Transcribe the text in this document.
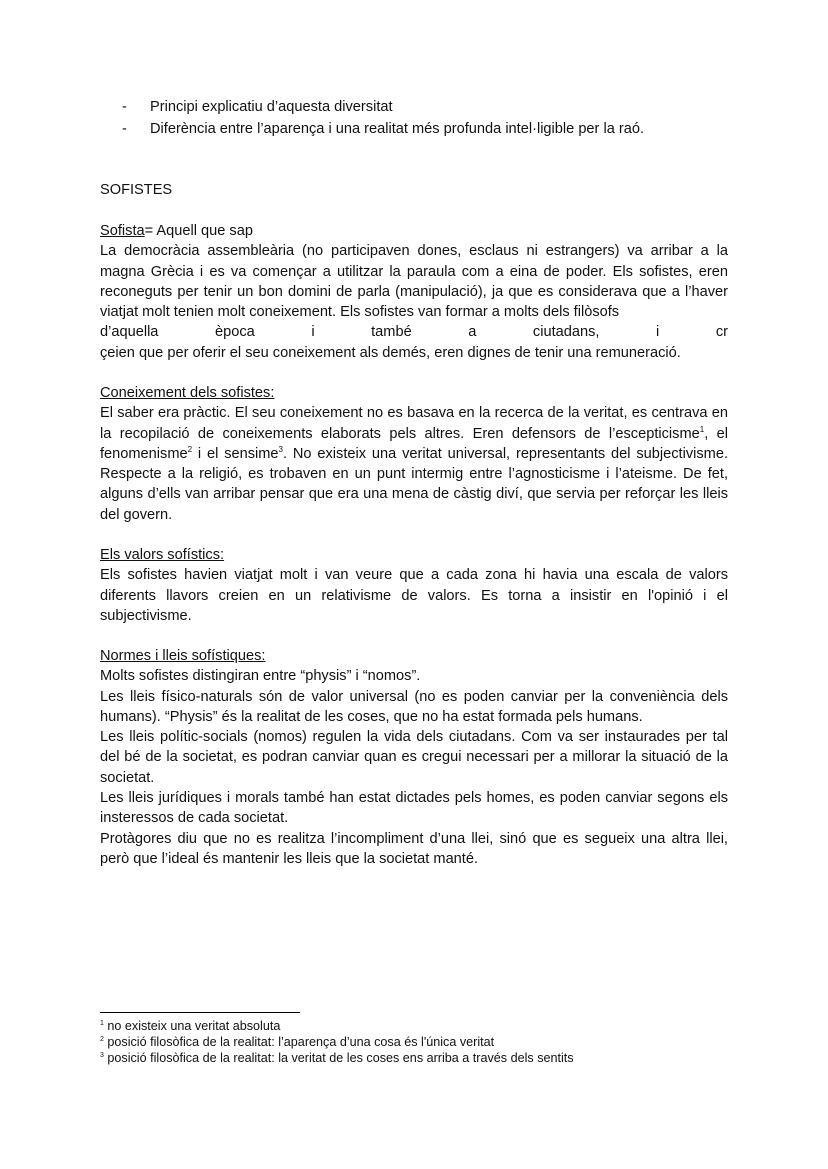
- Principi explicatiu d’aquesta diversitat
- Diferència entre l’aparença i una realitat més profunda intel·ligible per la raó.
SOFISTES
Sofista= Aquell que sap

La democràcia assembleària (no participaven dones, esclaus ni estrangers) va arribar a la magna Grècia i es va començar a utilitzar la paraula com a eina de poder. Els sofistes, eren reconeguts per tenir un bon domini de parla (manipulació), ja que es considerava que a l’haver viatjat molt tenien molt coneixement. Els sofistes van formar a molts dels filòsofs

d’aquella època i també a ciutadans, i cr
çeien que per oferir el seu coneixement als demés, eren dignes de tenir una remuneració.
Coneixement dels sofistes:

El saber era pràctic. El seu coneixement no es basava en la recerca de la veritat, es centrava en la recopilació de coneixements elaborats pels altres. Eren defensors de l’escepticisme$^1$, el fenomenisme$^2$ i el sensime$^3$. No existeix una veritat universal, representants del subjectivisme. Respecte a la religió, es trobaven en un punt intermig entre l’agnosticisme i l’ateisme. De fet, alguns d’ells van arribar pensar que era una mena de càstig diví, que servia per reforçar les lleis del govern.

Els valors sofístics:

Els sofistes havien viatjat molt i van veure que a cada zona hi havia una escala de valors diferents llavors creien en un relativisme de valors. Es torna a insistir en l'opinió i el subjectivisme.

Normes i lleis sofístiques:

Molts sofistes distingiran entre “physis” i “nomos”.

Les lleis físico-naturals són de valor universal (no es poden canviar per la conveniència dels humans). “Physis” és la realitat de les coses, que no ha estat formada pels humans.

Les lleis polític-socials (nomos) regulen la vida dels ciutadans. Com va ser instaurades per tal del bé de la societat, es podran canviar quan es cregui necessari per a millorar la situació de la societat.

Les lleis jurídiques i morals també han estat dictades pels homes, es poden canviar segons els insteressos de cada societat.

Protàgores diu que no es realitza l’incompliment d’una llei, sinó que es segueix una altra llei, però que l’ideal és mantenir les lleis que la societat manté.

$^1$ no existeix una veritat absoluta
$^2$ posició filosòfica de la realitat: l’aparença d’una cosa és l'única veritat
$^3$ posició filosòfica de la realitat: la veritat de les coses ens arriba a través dels sentits
